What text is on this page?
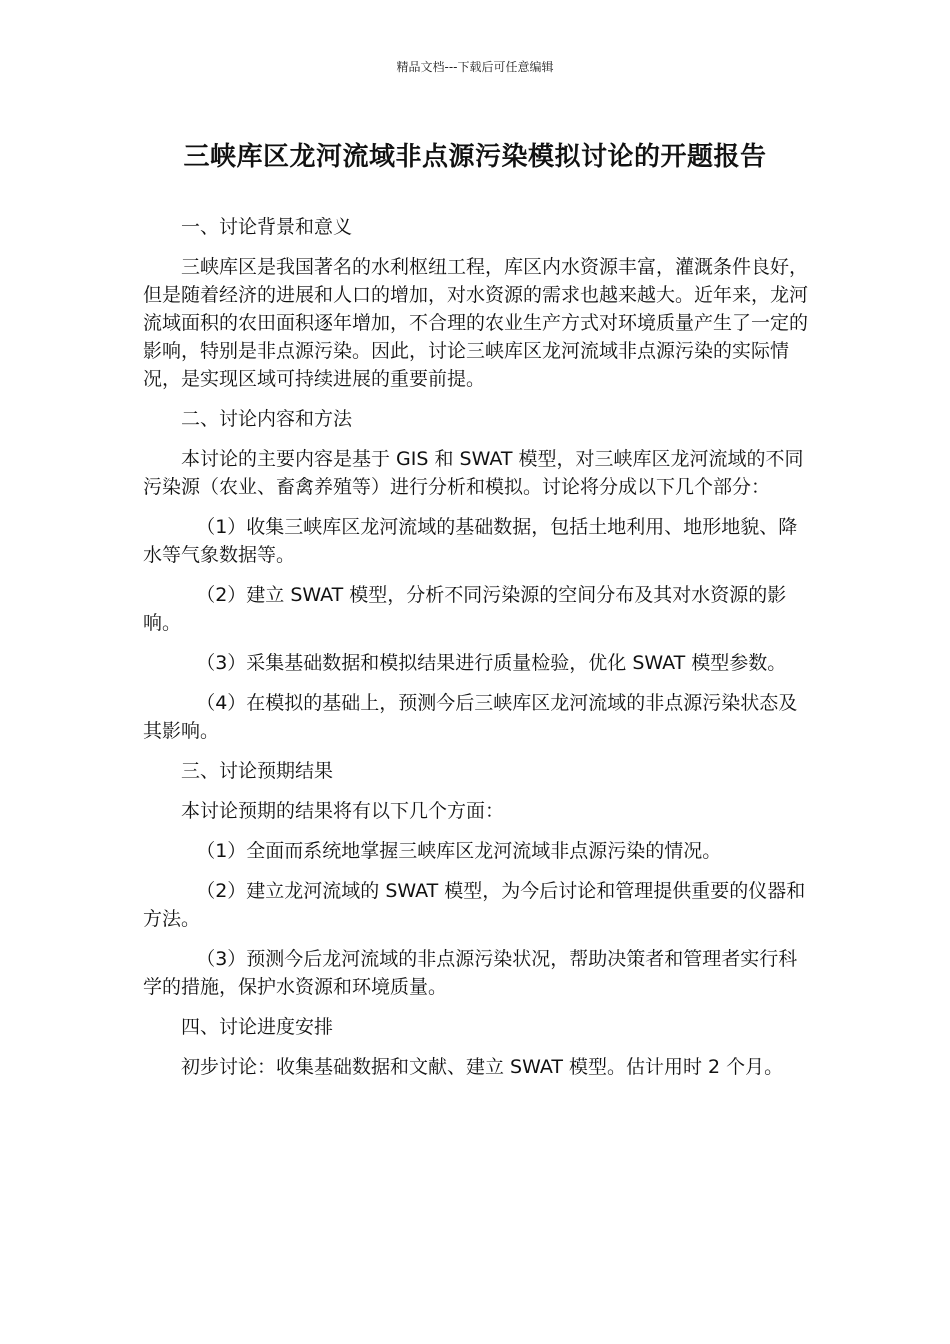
精品文档---下载后可任意编辑
三峡库区龙河流域非点源污染模拟讨论的开题报告

一、讨论背景和意义

三峡库区是我国著名的水利枢纽工程，库区内水资源丰富，灌溉条件良好，但是随着经济的进展和人口的增加，对水资源的需求也越来越大。近年来，龙河流域面积的农田面积逐年增加，不合理的农业生产方式对环境质量产生了一定的影响，特别是非点源污染。因此，讨论三峡库区龙河流域非点源污染的实际情况，是实现区域可持续进展的重要前提。

二、讨论内容和方法

本讨论的主要内容是基于 GIS 和 SWAT 模型，对三峡库区龙河流域的不同污染源（农业、畜禽养殖等）进行分析和模拟。讨论将分成以下几个部分：

（1）收集三峡库区龙河流域的基础数据，包括土地利用、地形地貌、降水等气象数据等。

（2）建立 SWAT 模型，分析不同污染源的空间分布及其对水资源的影响。

（3）采集基础数据和模拟结果进行质量检验，优化 SWAT 模型参数。

（4）在模拟的基础上，预测今后三峡库区龙河流域的非点源污染状态及其影响。

三、讨论预期结果

本讨论预期的结果将有以下几个方面：

（1）全面而系统地掌握三峡库区龙河流域非点源污染的情况。

（2）建立龙河流域的 SWAT 模型，为今后讨论和管理提供重要的仪器和方法。

（3）预测今后龙河流域的非点源污染状况，帮助决策者和管理者实行科学的措施，保护水资源和环境质量。

四、讨论进度安排

初步讨论：收集基础数据和文献、建立 SWAT 模型。估计用时 2 个月。
